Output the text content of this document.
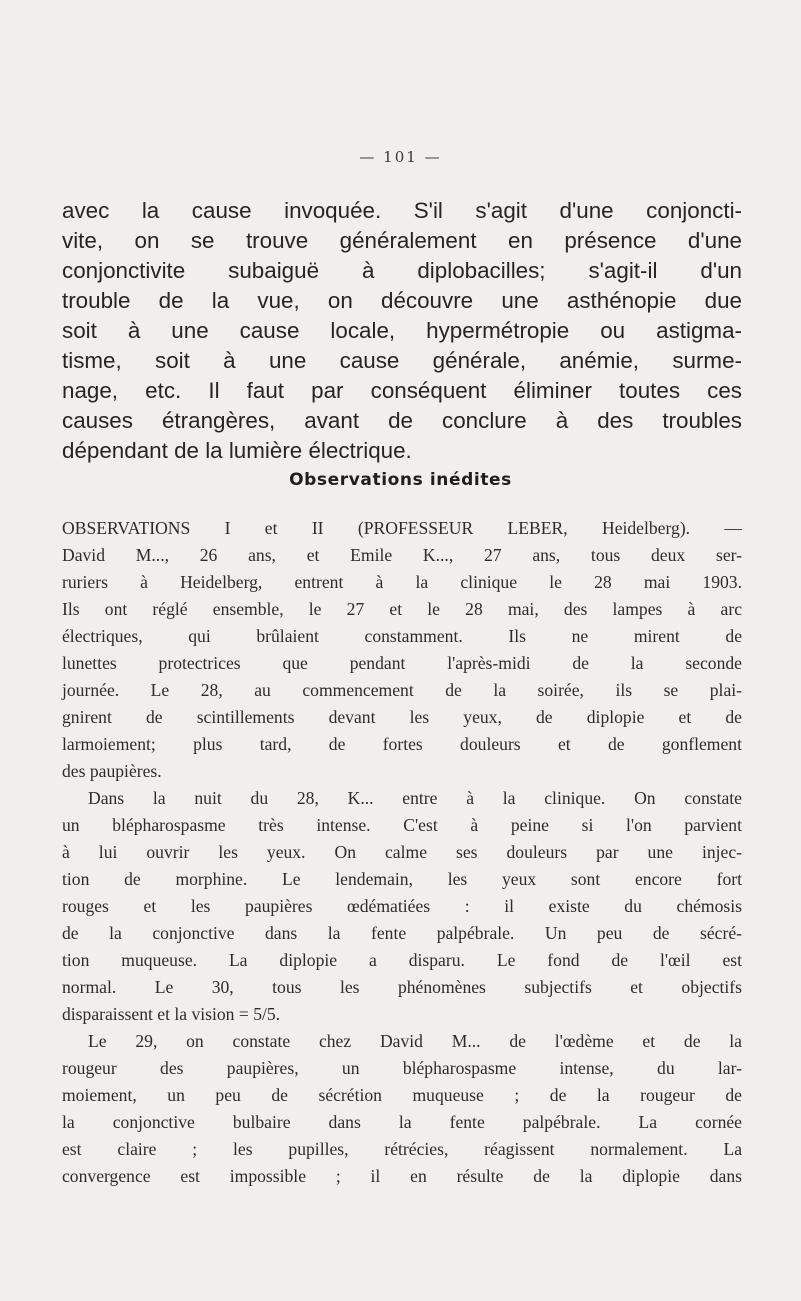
— 101 —
avec la cause invoquée. S'il s'agit d'une conjoncti-
vite, on se trouve généralement en présence d'une
conjonctivite subaiguë à diplobacilles; s'agit-il d'un
trouble de la vue, on découvre une asthénopie due
soit à une cause locale, hypermétropie ou astigma-
tisme, soit à une cause générale, anémie, surme-
nage, etc. Il faut par conséquent éliminer toutes ces
causes étrangères, avant de conclure à des troubles
dépendant de la lumière électrique.
Observations inédites
OBSERVATIONS I et II (PROFESSEUR LEBER, Heidelberg). —
David M..., 26 ans, et Emile K..., 27 ans, tous deux ser-
ruriers à Heidelberg, entrent à la clinique le 28 mai 1903.
Ils ont réglé ensemble, le 27 et le 28 mai, des lampes à arc
électriques, qui brûlaient constamment. Ils ne mirent de
lunettes protectrices que pendant l'après-midi de la seconde
journée. Le 28, au commencement de la soirée, ils se plai-
gnirent de scintillements devant les yeux, de diplopie et de
larmoiement; plus tard, de fortes douleurs et de gonflement
des paupières.
Dans la nuit du 28, K... entre à la clinique. On constate
un blépharospasme très intense. C'est à peine si l'on parvient
à lui ouvrir les yeux. On calme ses douleurs par une injec-
tion de morphine. Le lendemain, les yeux sont encore fort
rouges et les paupières œdématiées : il existe du chémosis
de la conjonctive dans la fente palpébrale. Un peu de sécré-
tion muqueuse. La diplopie a disparu. Le fond de l'œil est
normal. Le 30, tous les phénomènes subjectifs et objectifs
disparaissent et la vision = 5/5.
Le 29, on constate chez David M... de l'œdème et de la
rougeur des paupières, un blépharospasme intense, du lar-
moiement, un peu de sécrétion muqueuse ; de la rougeur de
la conjonctive bulbaire dans la fente palpébrale. La cornée
est claire ; les pupilles, rétrécies, réagissent normalement. La
convergence est impossible ; il en résulte de la diplopie dans
